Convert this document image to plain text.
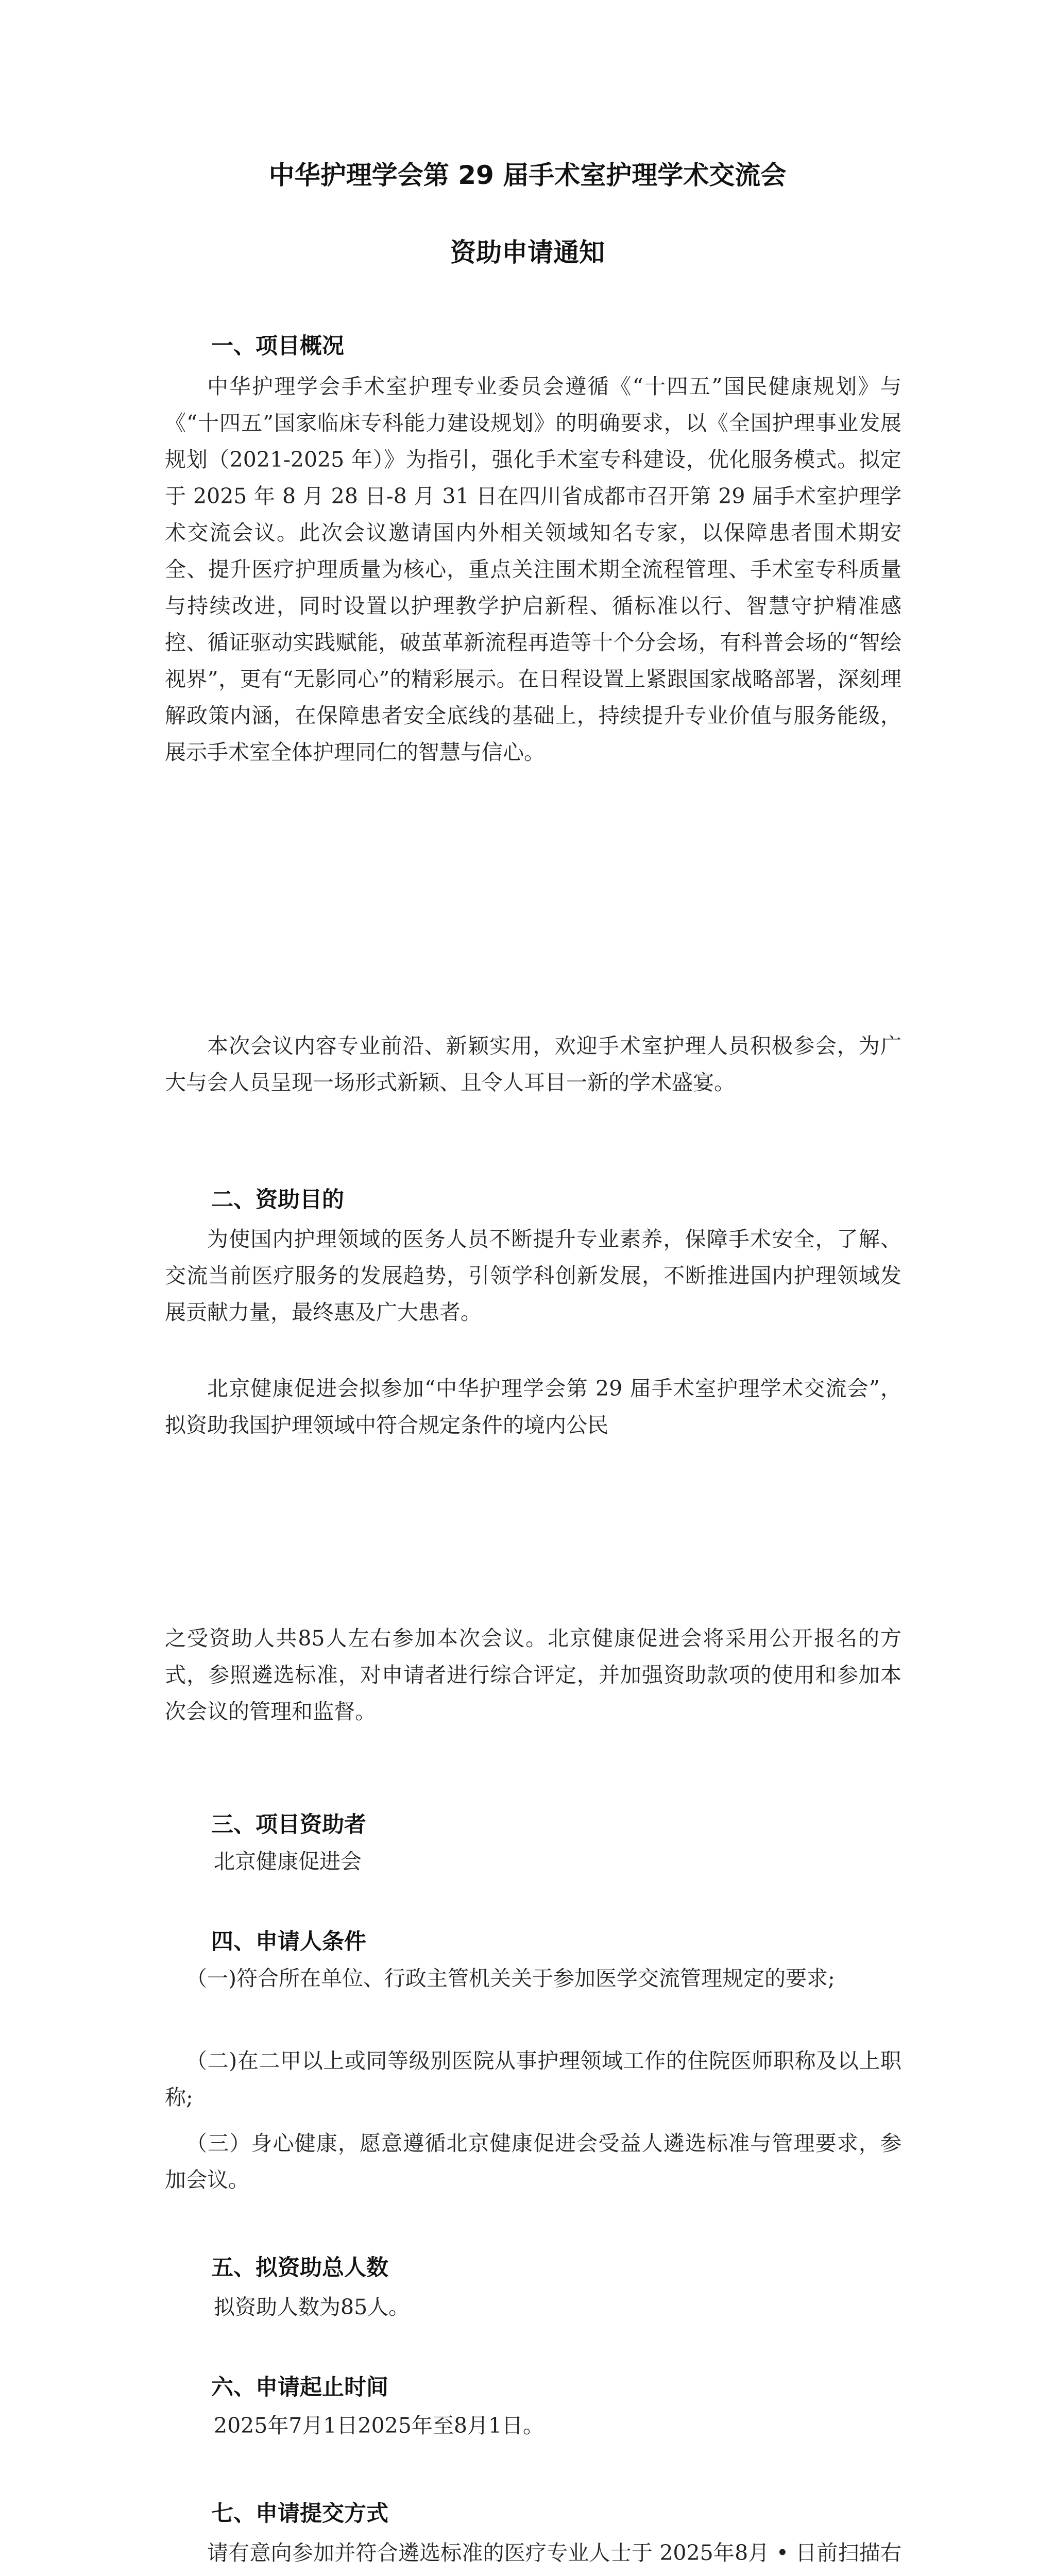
中华护理学会第 29 届手术室护理学术交流会
资助申请通知
一、项目概况

中华护理学会手术室护理专业委员会遵循《“十四五”国民健康规划》与《“十四五”国家临床专科能力建设规划》的明确要求，以《全国护理事业发展规划（2021-2025 年）》为指引，强化手术室专科建设，优化服务模式。拟定于 2025 年 8 月 28 日-8 月 31 日在四川省成都市召开第 29 届手术室护理学术交流会议。此次会议邀请国内外相关领域知名专家，以保障患者围术期安全、提升医疗护理质量为核心，重点关注围术期全流程管理、手术室专科质量与持续改进，同时设置以护理教学护启新程、循标准以行、智慧守护精准感控、循证驱动实践赋能，破茧革新流程再造等十个分会场，有科普会场的“智绘视界”，更有“无影同心”的精彩展示。在日程设置上紧跟国家战略部署，深刻理解政策内涵，在保障患者安全底线的基础上，持续提升专业价值与服务能级，展示手术室全体护理同仁的智慧与信心。

本次会议内容专业前沿、新颖实用，欢迎手术室护理人员积极参会，为广大与会人员呈现一场形式新颖、且令人耳目一新的学术盛宴。

二、资助目的

为使国内护理领域的医务人员不断提升专业素养，保障手术安全，了解、交流当前医疗服务的发展趋势，引领学科创新发展，不断推进国内护理领域发展贡献力量，最终惠及广大患者。

北京健康促进会拟参加“中华护理学会第 29 届手术室护理学术交流会”，拟资助我国护理领域中符合规定条件的境内公民

之受资助人共85人左右参加本次会议。北京健康促进会将采用公开报名的方式，参照遴选标准，对申请者进行综合评定，并加强资助款项的使用和参加本次会议的管理和监督。

三、项目资助者
北京健康促进会
四、申请人条件

（一)符合所在单位、行政主管机关关于参加医学交流管理规定的要求;

（二)在二甲以上或同等级别医院从事护理领域工作的住院医师职称及以上职称;

（三）身心健康，愿意遵循北京健康促进会受益人遴选标准与管理要求，参加会议。

五、拟资助总人数
拟资助人数为85人。
六、申请起止时间
2025年7月1日2025年至8月1日。
七、申请提交方式

请有意向参加并符合遴选标准的医疗专业人士于 2025年8月 • 日前扫描右
